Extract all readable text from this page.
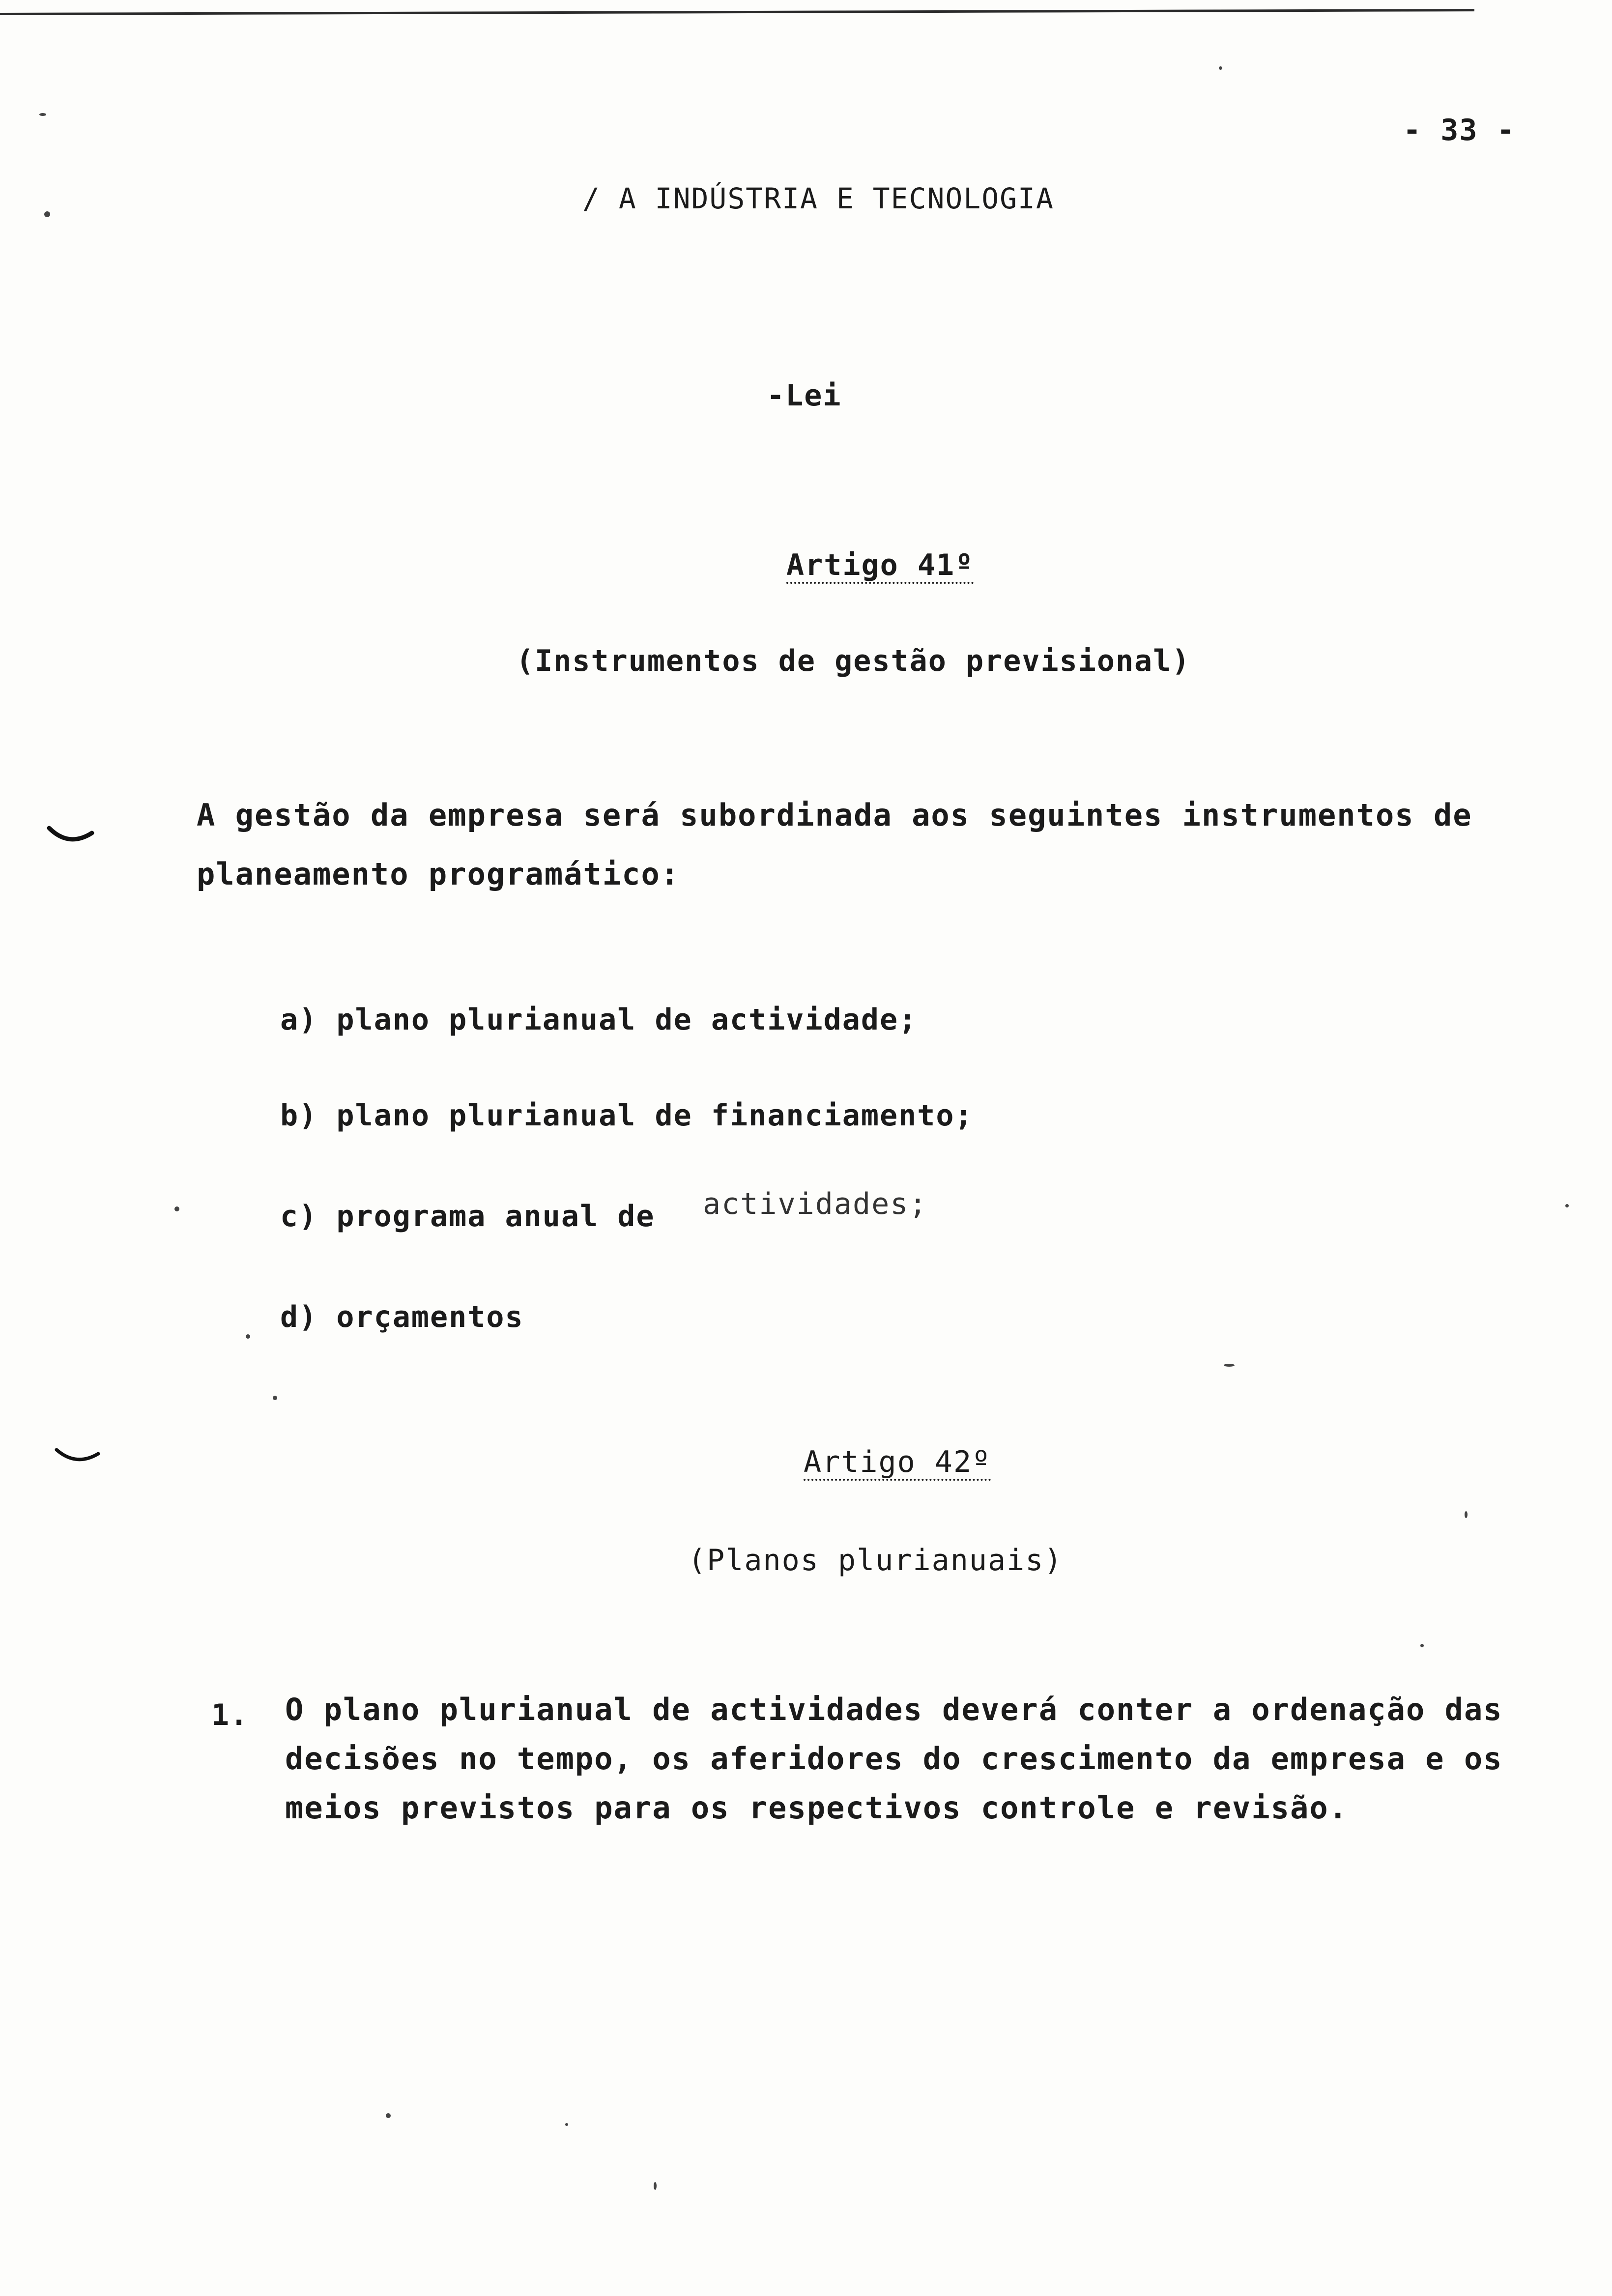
- 33 -
/ A INDÚSTRIA E TECNOLOGIA
-Lei
Artigo 41º
(Instrumentos de gestão previsional)
A gestão da empresa será subordinada aos seguintes instrumentos de
planeamento programático:
a) plano plurianual de actividade;
b) plano plurianual de financiamento;
c) programa anual de actividades;
d) orçamentos
Artigo 42º
(Planos plurianuais)
1. O plano plurianual de actividades deverá conter a ordenação das
decisões no tempo, os aferidores do crescimento da empresa e os
meios previstos para os respectivos controle e revisão.
